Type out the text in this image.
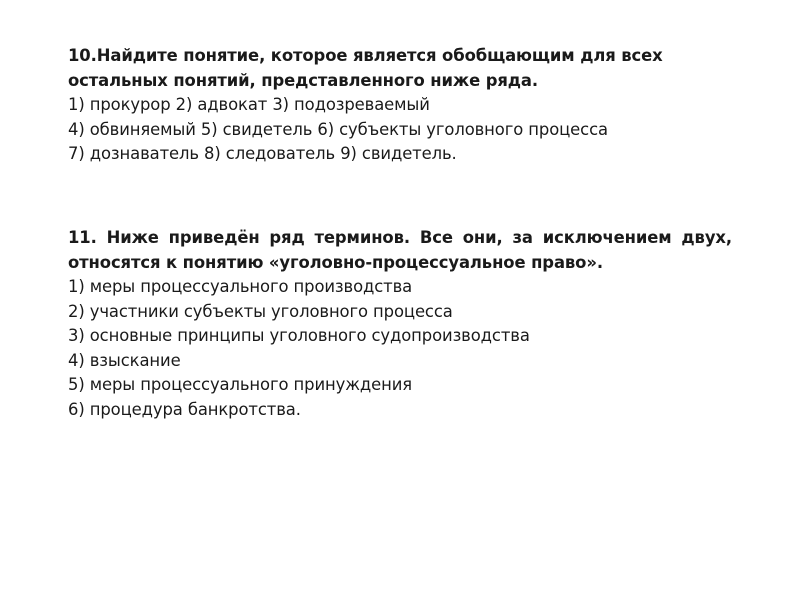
10.Найдите понятие, которое является обобщающим для всех остальных понятий, представленного ниже ряда.

1) прокурор 2) адвокат 3) подозреваемый
4) обвиняемый 5) свидетель 6) субъекты уголовного процесса
7) дознаватель 8) следователь 9) свидетель.

11. Ниже приведён ряд терминов. Все они, за исключением двух, относятся к понятию «уголовно-процессуальное право».

1) меры процессуального производства
2) участники субъекты уголовного процесса
3) основные принципы уголовного судопроизводства
4) взыскание
5) меры процессуального принуждения
6) процедура банкротства.
